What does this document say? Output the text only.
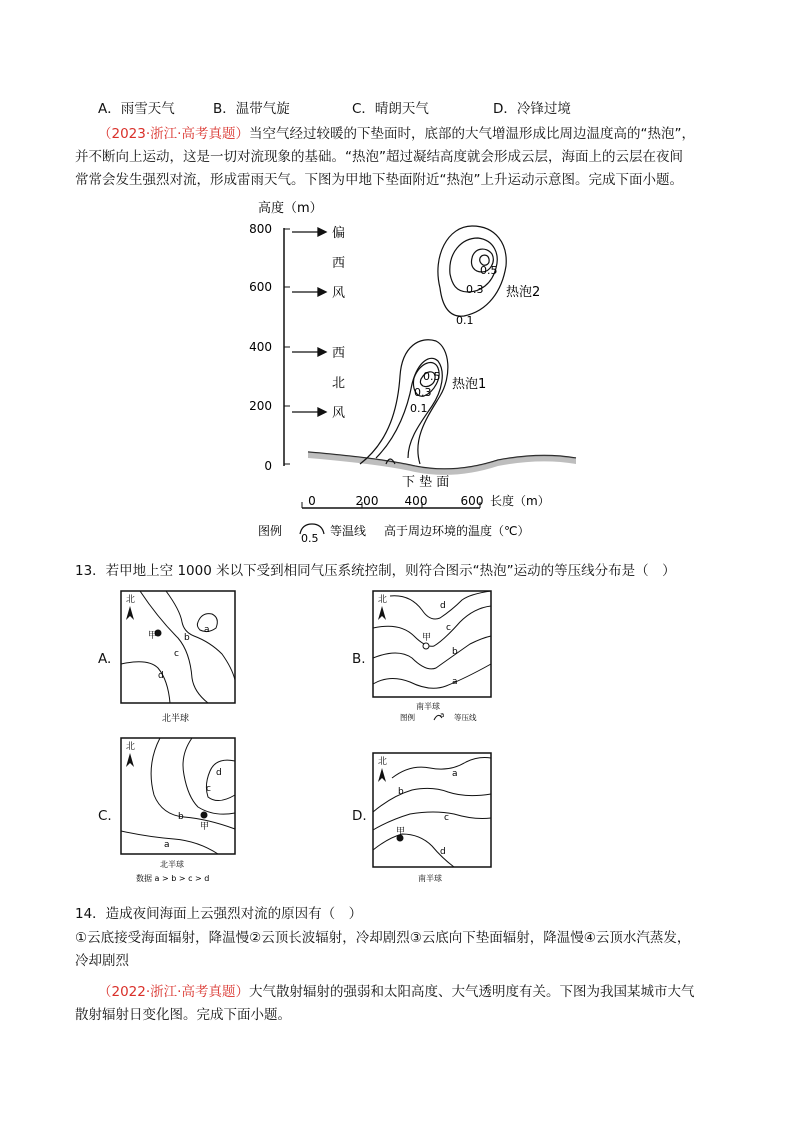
A．雨雪天气	B．温带气旋	C．晴朗天气	D．冷锋过境
（2023·浙江·高考真题）当空气经过较暖的下垫面时，底部的大气增温形成比周边温度高的“热泡”，
并不断向上运动，这是一切对流现象的基础。“热泡”超过凝结高度就会形成云层，海面上的云层在夜间
常常会发生强烈对流，形成雷雨天气。下图为甲地下垫面附近“热泡”上升运动示意图。完成下面小题。
高度（m）
800
600
400
200
0
偏
西
风
西
北
风
下 垫 面
0.5
0.3
0.1
热泡1
0.5
0.3
0.1
热泡2
0	200 400	600 长度（m）
图例
0.5
等温线 高于周边环境的温度（℃）
13．若甲地上空 1000 米以下受到相同气压系统控制，则符合图示“热泡”运动的等压线分布是（　）
A.
北
甲
a
b
c
d
北半球
B.
北
甲
d
c
b
a
南半球
图例	a 等压线
C.
北
甲
d
c
b
a
北半球
数据 a > b > c > d
D.
北
甲
a
b
c
d
南半球
14．造成夜间海面上云强烈对流的原因有（　）
①云底接受海面辐射，降温慢②云顶长波辐射，冷却剧烈③云底向下垫面辐射，降温慢④云顶水汽蒸发，
冷却剧烈
（2022·浙江·高考真题）大气散射辐射的强弱和太阳高度、大气透明度有关。下图为我国某城市大气
散射辐射日变化图。完成下面小题。
